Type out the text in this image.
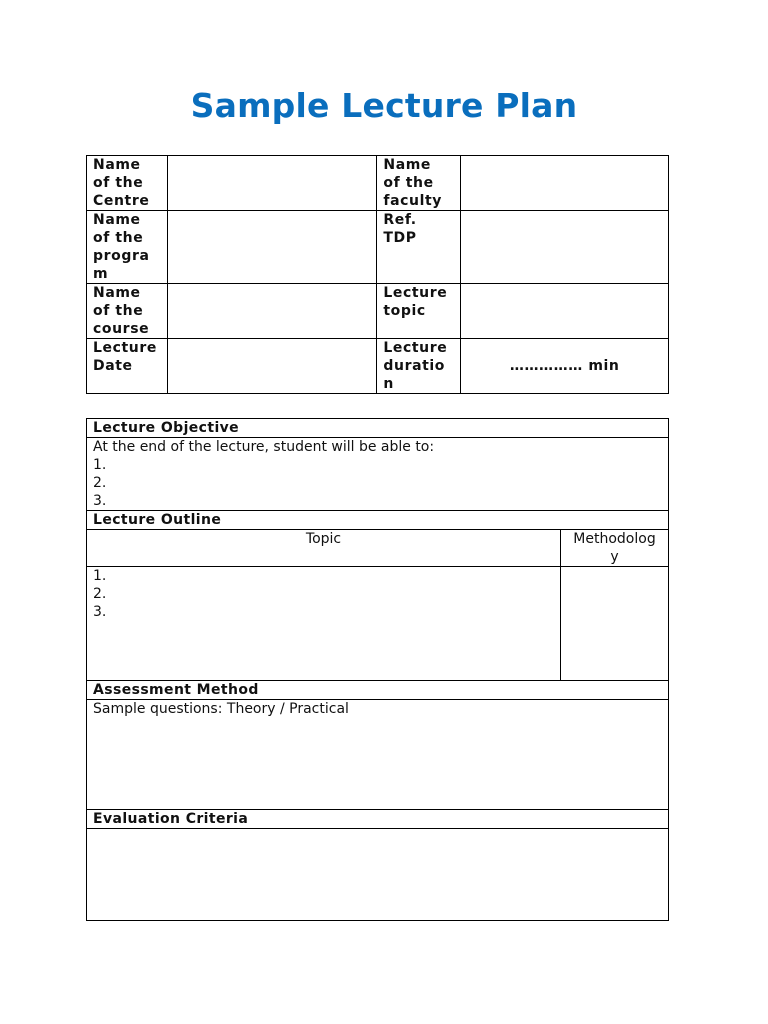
Sample Lecture Plan
Name
of the
Centre		Name
of the
faculty	

Name
of the
progra
m		Ref.
TDP	

Name
of the
course		Lecture
topic	

Lecture
Date		Lecture
duratio
n	…………… min
Lecture Objective	

At the end of the lecture, student will be able to:
1.
2.
3.	

Lecture Outline	
Topic	Methodolog
y

1.
2.
3.	

Assessment Method	
Sample questions: Theory / Practical	
Evaluation Criteria	
